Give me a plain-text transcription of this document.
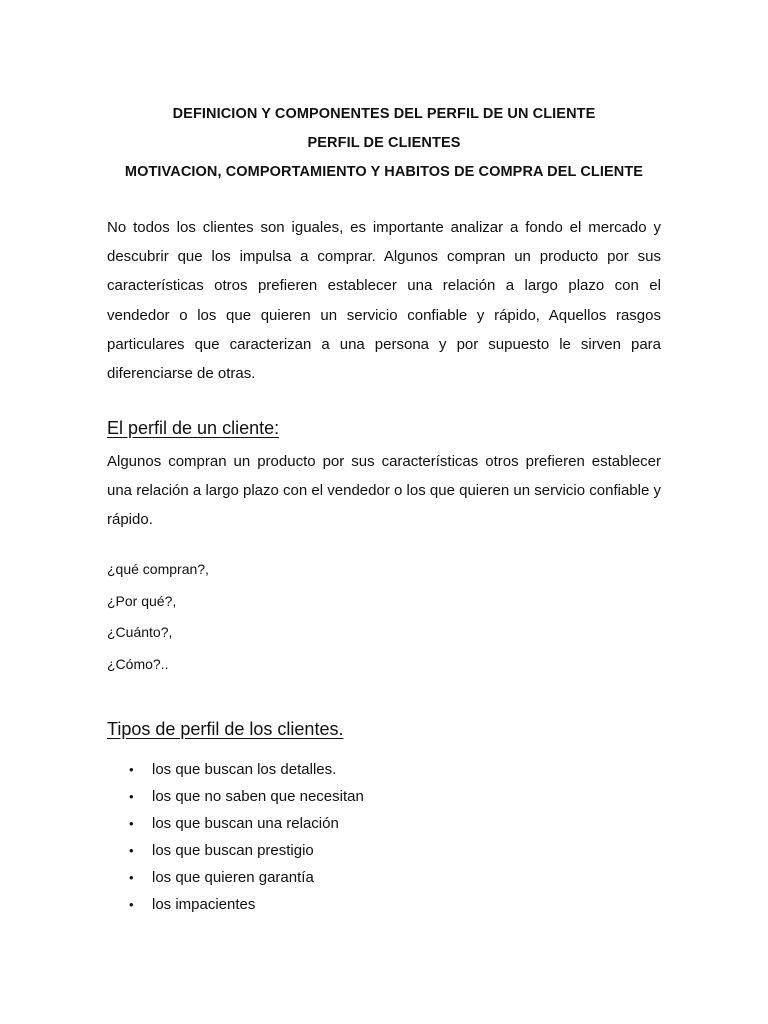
DEFINICION Y COMPONENTES DEL PERFIL DE UN CLIENTE
PERFIL DE CLIENTES
MOTIVACION, COMPORTAMIENTO Y HABITOS DE COMPRA DEL CLIENTE

No todos los clientes son iguales, es importante analizar a fondo el mercado y descubrir que los impulsa a comprar. Algunos compran un producto por sus características otros prefieren establecer una relación a largo plazo con el vendedor o los que quieren un servicio confiable y rápido, Aquellos rasgos particulares que caracterizan a una persona y por supuesto le sirven para diferenciarse de otras.

El perfil de un cliente:

Algunos compran un producto por sus características otros prefieren establecer una relación a largo plazo con el vendedor o los que quieren un servicio confiable y rápido.

¿qué compran?,
¿Por qué?,
¿Cuánto?,
¿Cómo?..
Tipos de perfil de los clientes.
• los que buscan los detalles.
• los que no saben que necesitan
• los que buscan una relación
• los que buscan prestigio
• los que quieren garantía
• los impacientes
